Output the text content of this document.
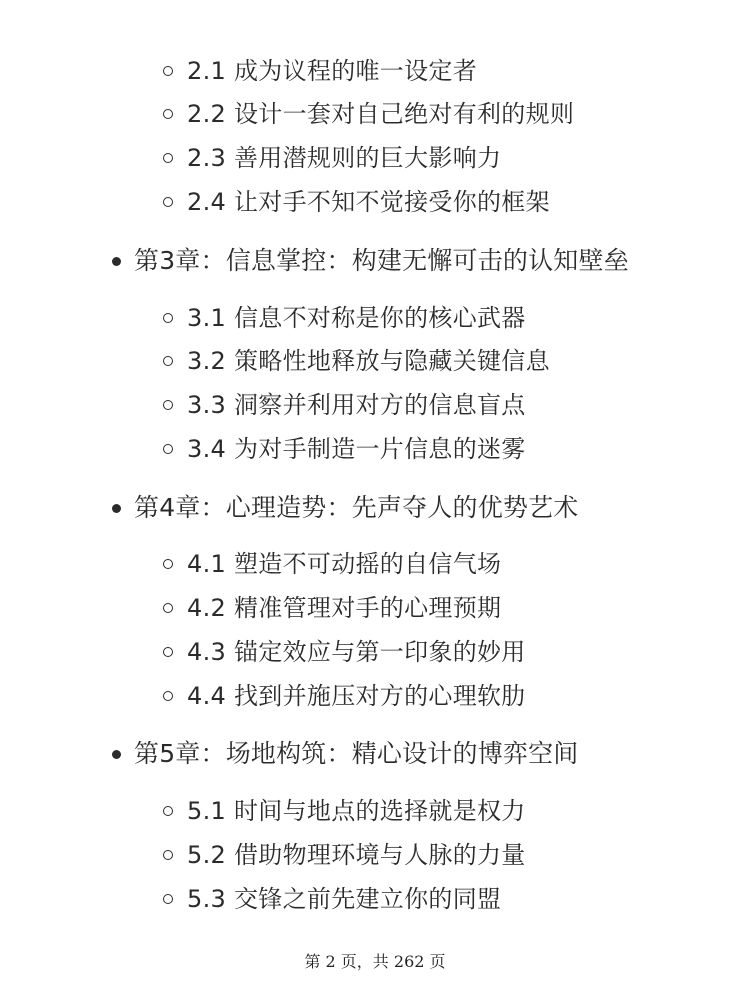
2.1 成为议程的唯一设定者
2.2 设计一套对自己绝对有利的规则
2.3 善用潜规则的巨大影响力
2.4 让对手不知不觉接受你的框架
第3章：信息掌控：构建无懈可击的认知壁垒
3.1 信息不对称是你的核心武器
3.2 策略性地释放与隐藏关键信息
3.3 洞察并利用对方的信息盲点
3.4 为对手制造一片信息的迷雾
第4章：心理造势：先声夺人的优势艺术
4.1 塑造不可动摇的自信气场
4.2 精准管理对手的心理预期
4.3 锚定效应与第一印象的妙用
4.4 找到并施压对方的心理软肋
第5章：场地构筑：精心设计的博弈空间
5.1 时间与地点的选择就是权力
5.2 借助物理环境与人脉的力量
5.3 交锋之前先建立你的同盟
第 2 页，共 262 页
